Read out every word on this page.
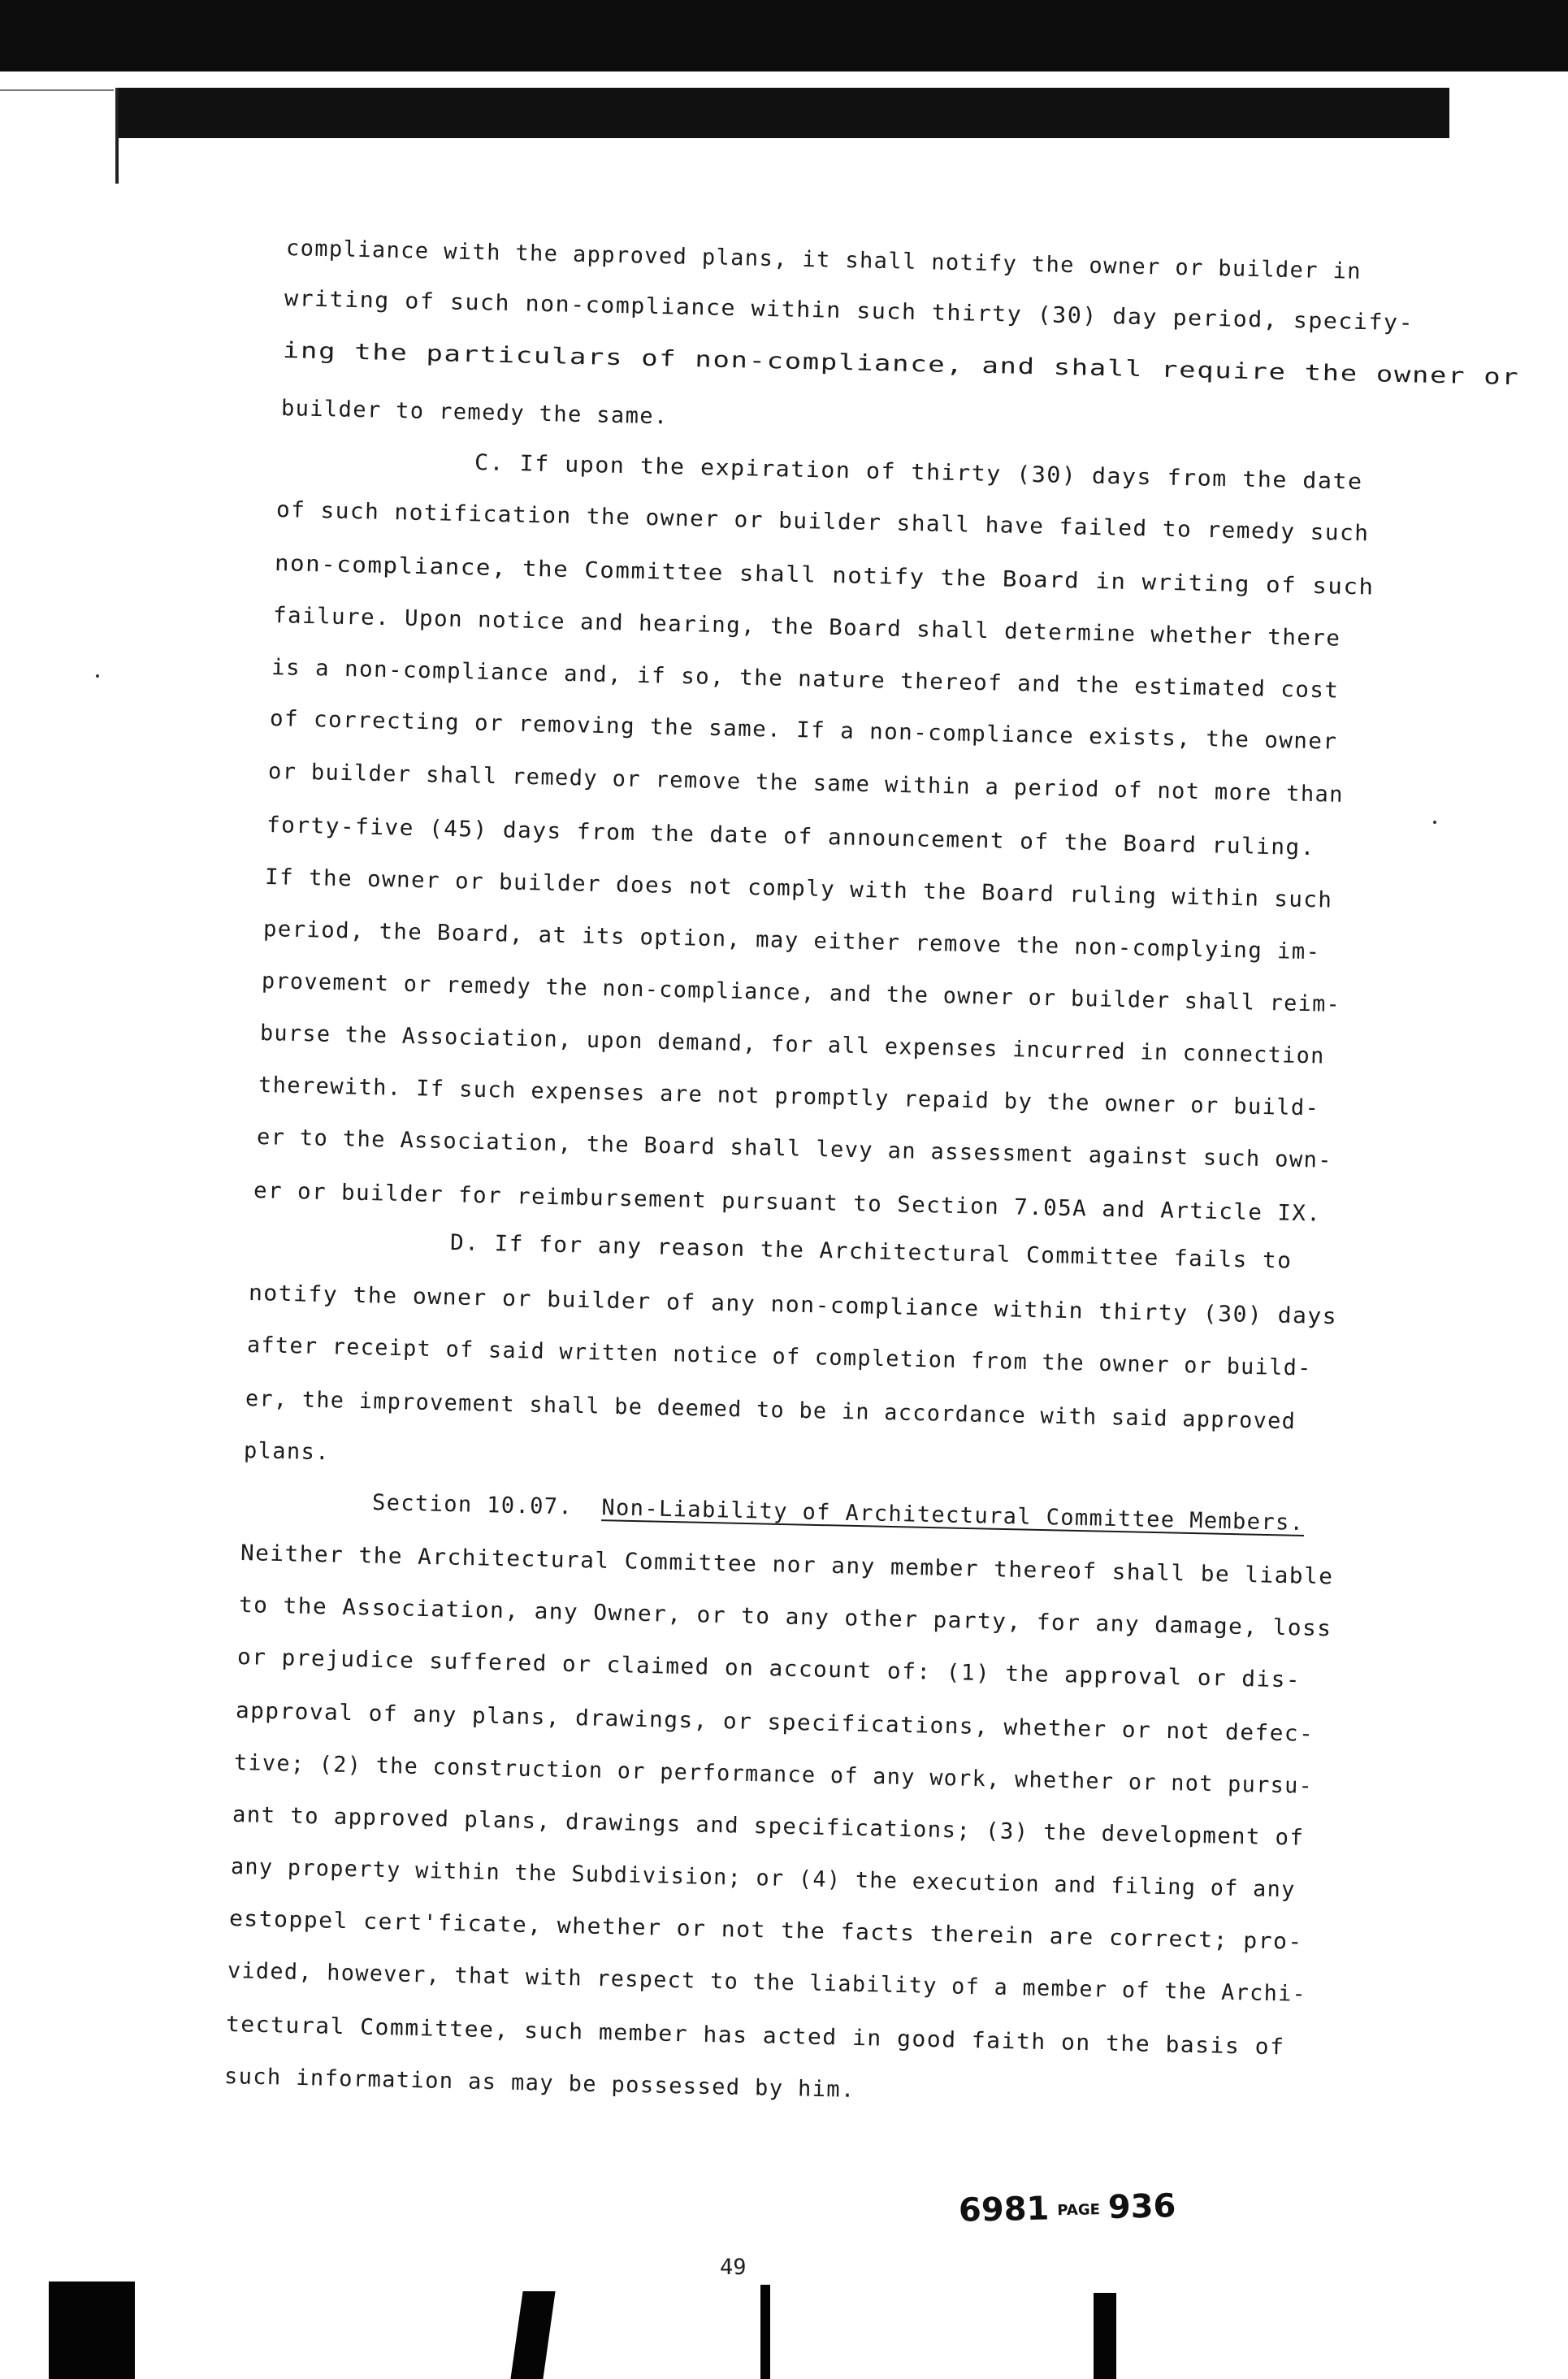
compliance with the approved plans, it shall notify the owner or builder in
writing of such non-compliance within such thirty (30) day period, specify-
ing the particulars of non-compliance, and shall require the owner or
builder to remedy the same.
C. If upon the expiration of thirty (30) days from the date
of such notification the owner or builder shall have failed to remedy such
non-compliance, the Committee shall notify the Board in writing of such
failure. Upon notice and hearing, the Board shall determine whether there
is a non-compliance and, if so, the nature thereof and the estimated cost
of correcting or removing the same. If a non-compliance exists, the owner
or builder shall remedy or remove the same within a period of not more than
forty-five (45) days from the date of announcement of the Board ruling.
If the owner or builder does not comply with the Board ruling within such
period, the Board, at its option, may either remove the non-complying im-
provement or remedy the non-compliance, and the owner or builder shall reim-
burse the Association, upon demand, for all expenses incurred in connection
therewith. If such expenses are not promptly repaid by the owner or build-
er to the Association, the Board shall levy an assessment against such own-
er or builder for reimbursement pursuant to Section 7.05A and Article IX.
D. If for any reason the Architectural Committee fails to
notify the owner or builder of any non-compliance within thirty (30) days
after receipt of said written notice of completion from the owner or build-
er, the improvement shall be deemed to be in accordance with said approved
plans.
Section 10.07. Non-Liability of Architectural Committee Members.
Neither the Architectural Committee nor any member thereof shall be liable
to the Association, any Owner, or to any other party, for any damage, loss
or prejudice suffered or claimed on account of: (1) the approval or dis-
approval of any plans, drawings, or specifications, whether or not defec-
tive; (2) the construction or performance of any work, whether or not pursu-
ant to approved plans, drawings and specifications; (3) the development of
any property within the Subdivision; or (4) the execution and filing of any
estoppel cert'ficate, whether or not the facts therein are correct; pro-
vided, however, that with respect to the liability of a member of the Archi-
tectural Committee, such member has acted in good faith on the basis of
such information as may be possessed by him.
6981 PAGE 936
49
